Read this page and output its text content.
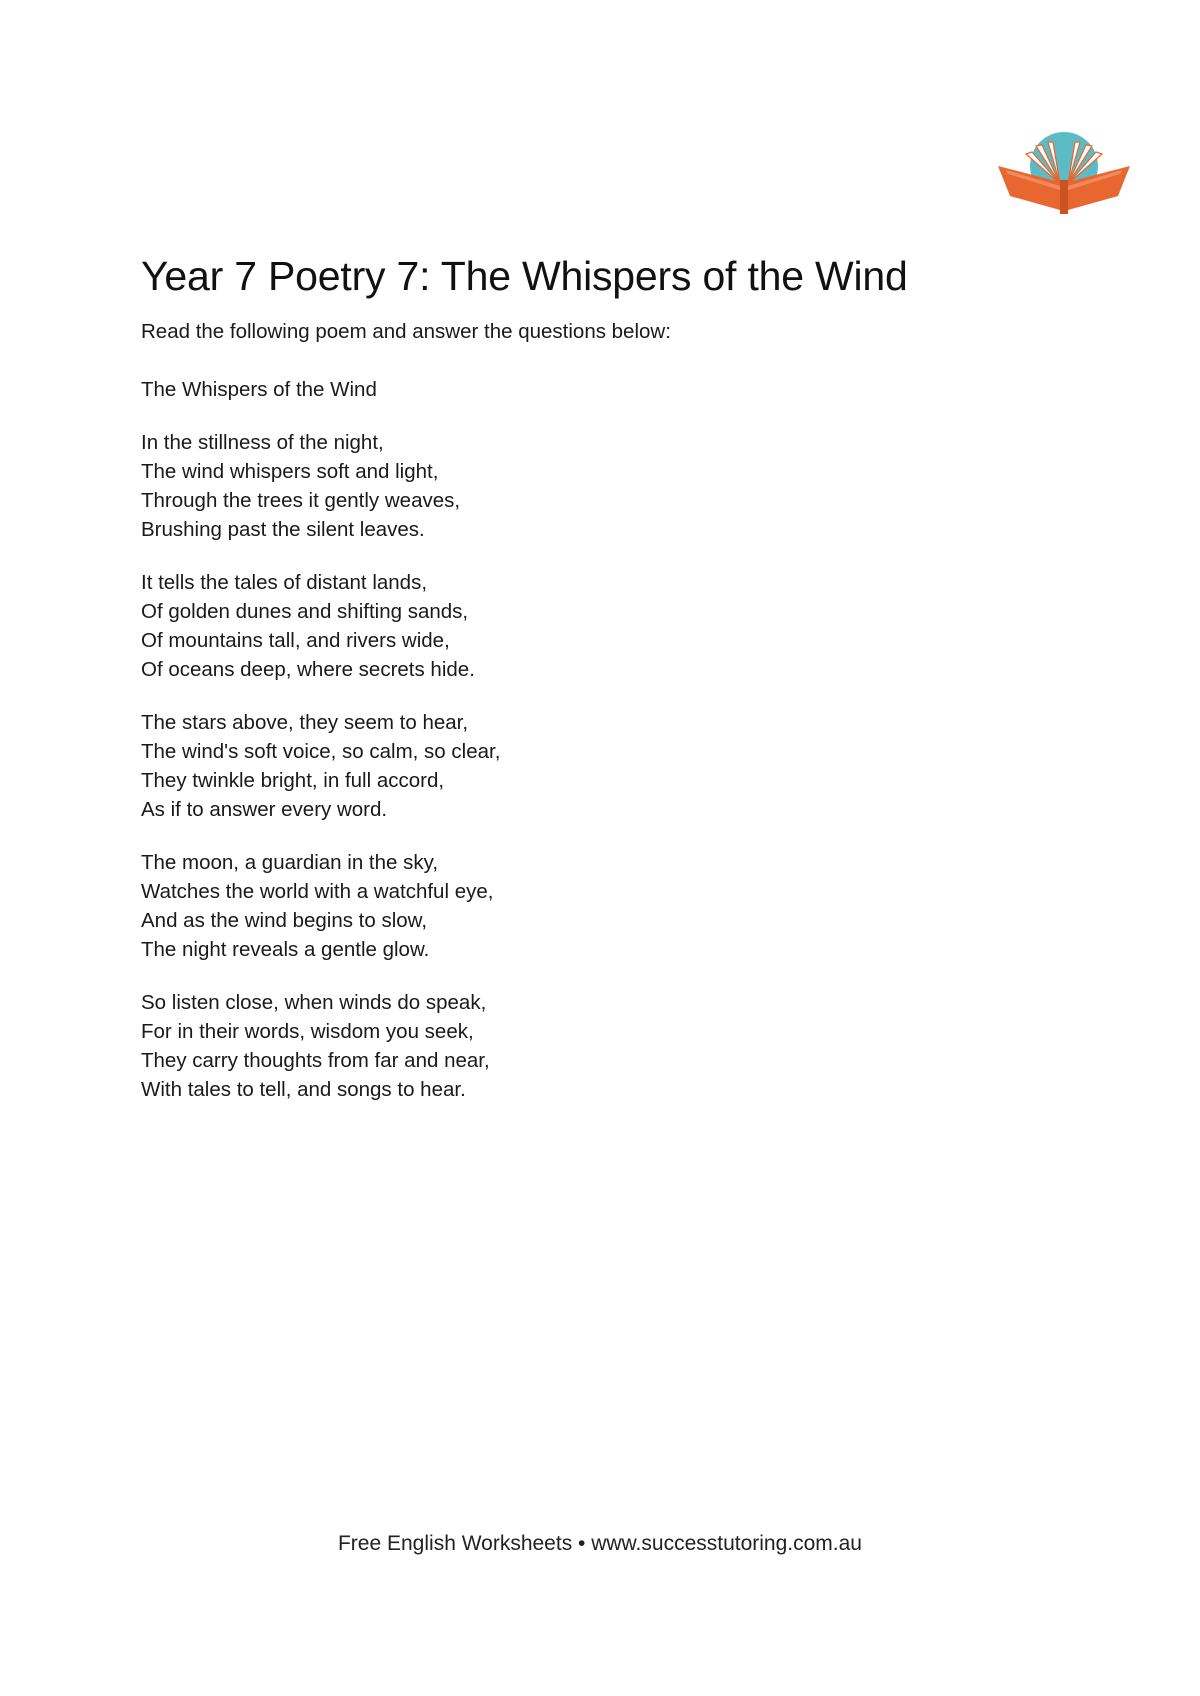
Year 7 Poetry 7: The Whispers of the Wind

Read the following poem and answer the questions below:

The Whispers of the Wind

In the stillness of the night,
The wind whispers soft and light,
Through the trees it gently weaves,
Brushing past the silent leaves.
It tells the tales of distant lands,
Of golden dunes and shifting sands,
Of mountains tall, and rivers wide,
Of oceans deep, where secrets hide.
The stars above, they seem to hear,
The wind's soft voice, so calm, so clear,
They twinkle bright, in full accord,
As if to answer every word.
The moon, a guardian in the sky,
Watches the world with a watchful eye,
And as the wind begins to slow,
The night reveals a gentle glow.
So listen close, when winds do speak,
For in their words, wisdom you seek,
They carry thoughts from far and near,
With tales to tell, and songs to hear.
Free English Worksheets • www.successtutoring.com.au
